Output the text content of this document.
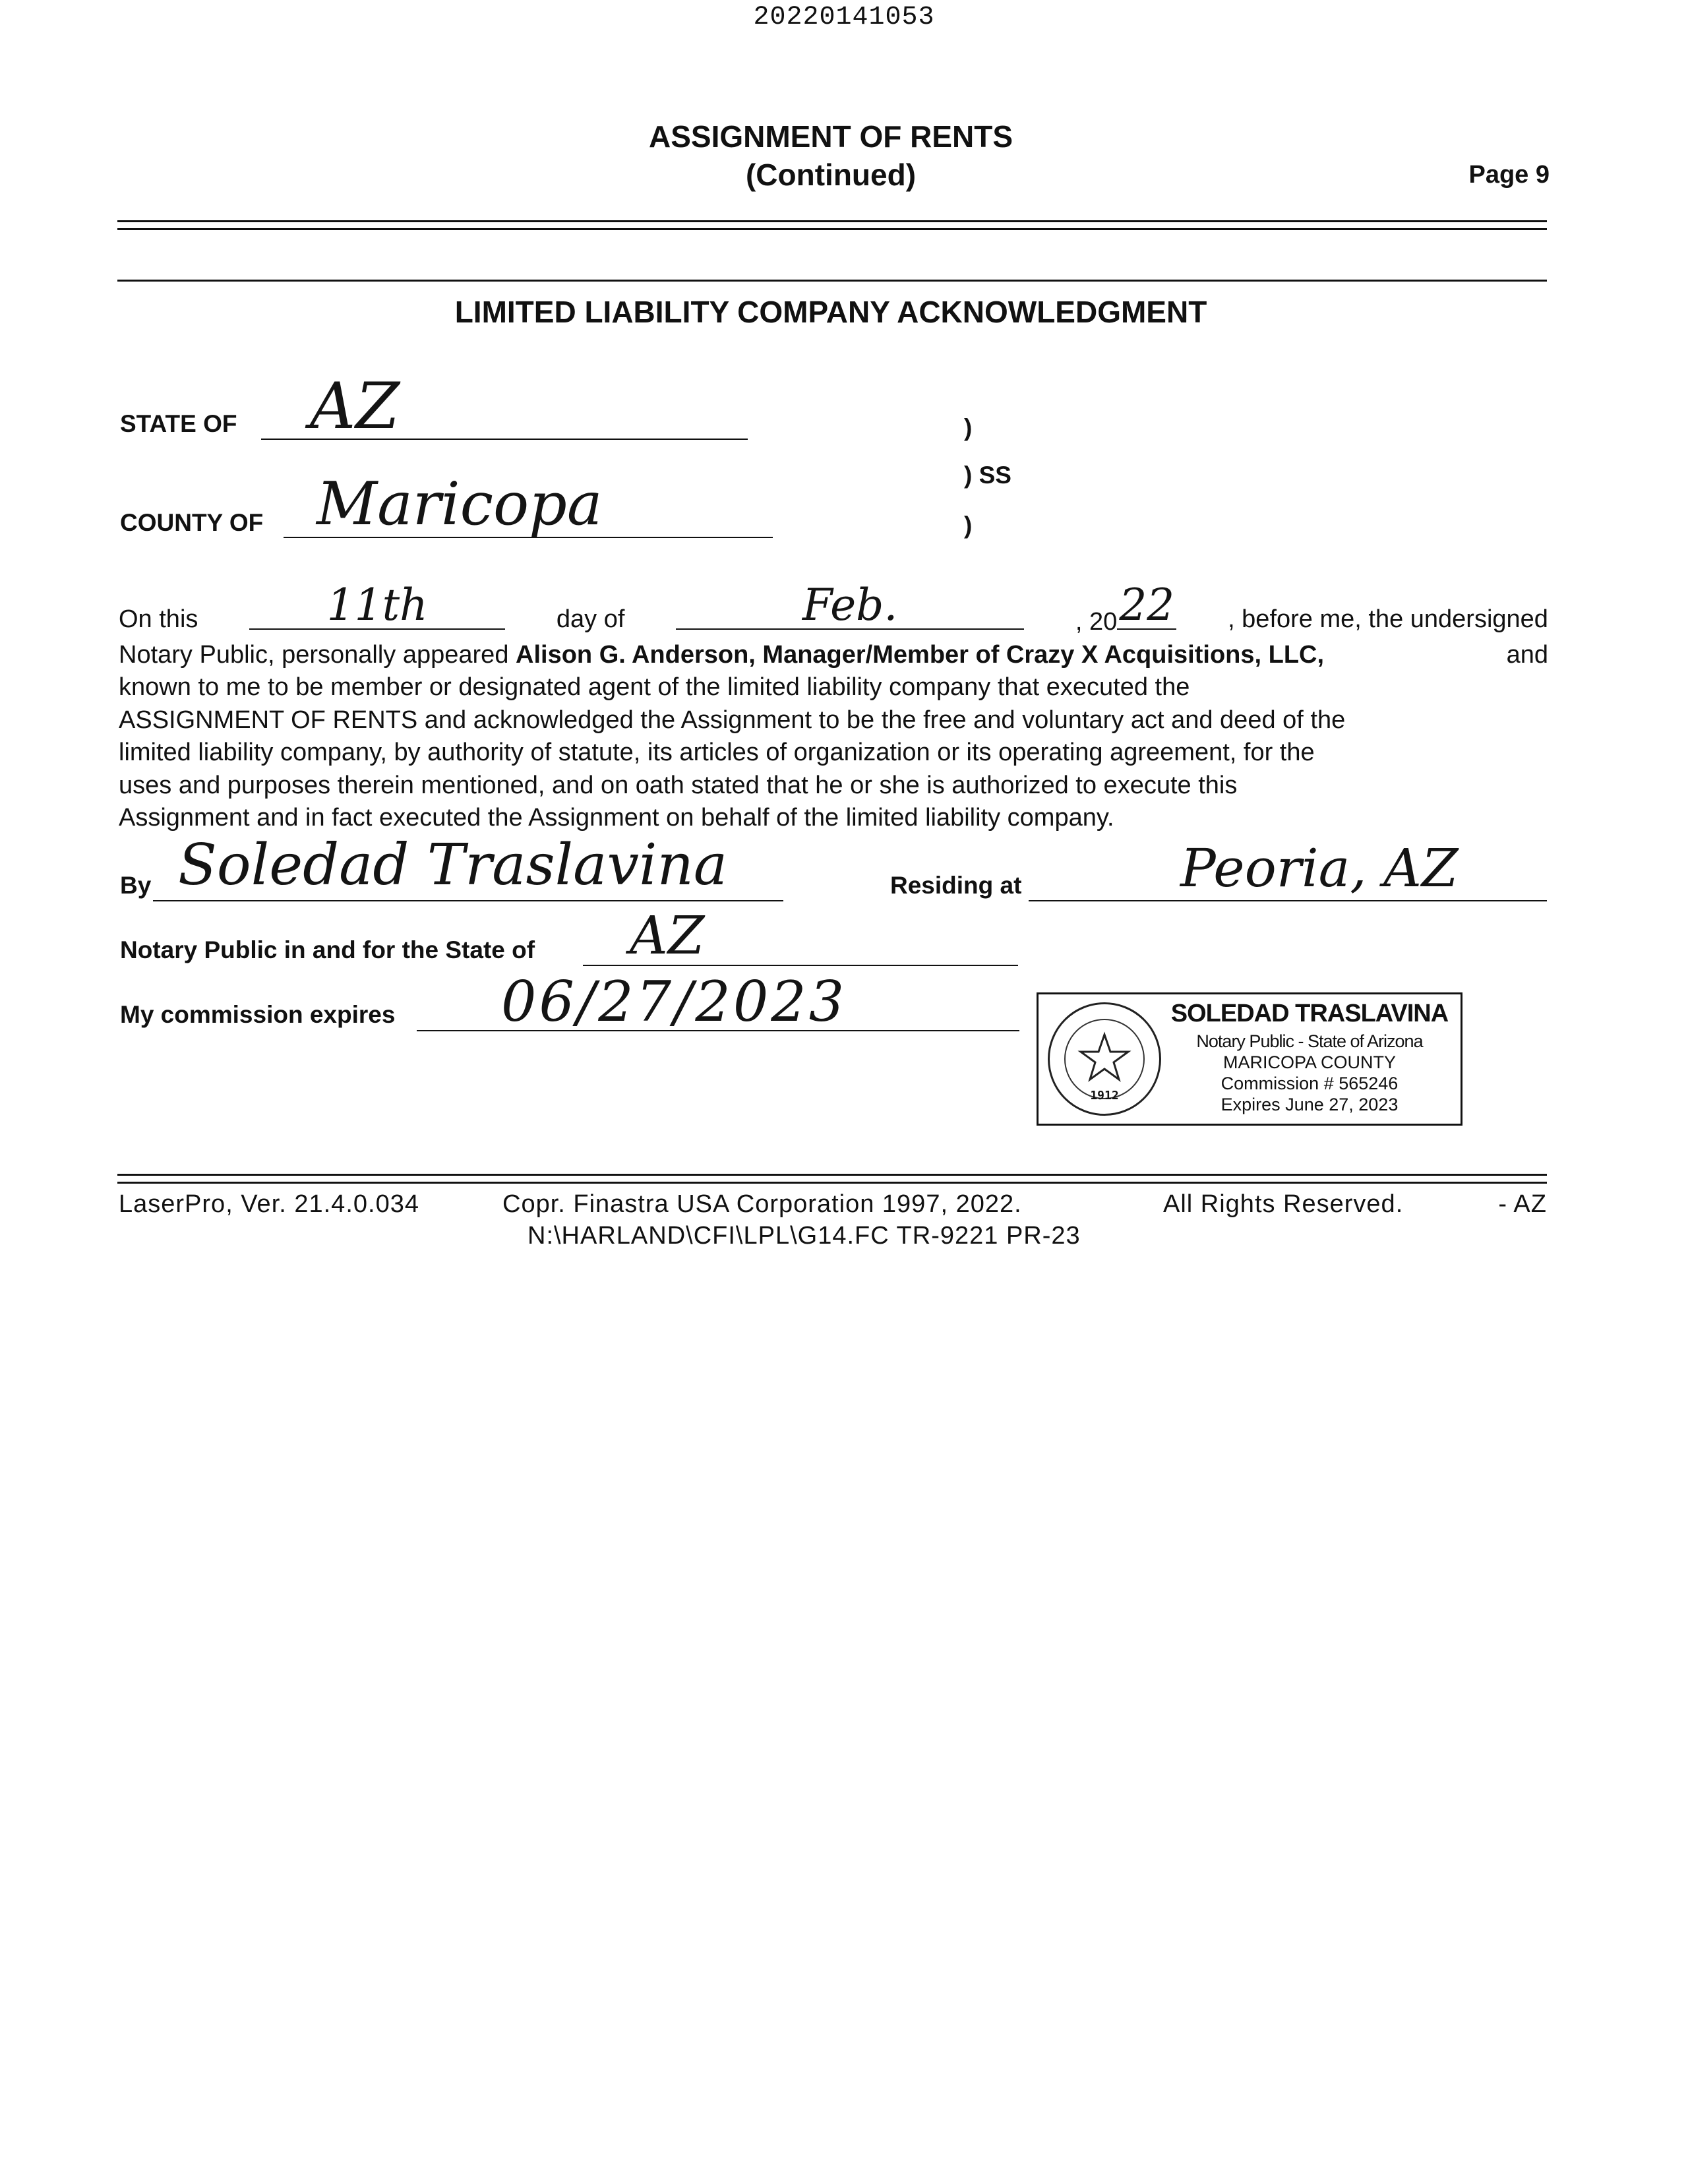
20220141053
ASSIGNMENT OF RENTS
(Continued)	Page 9
LIMITED LIABILITY COMPANY ACKNOWLEDGMENT
STATE OF AZ
COUNTY OF Maricopa
)
) SS
)
On this	11th	day of	Feb.	, 20 22 , before me, the undersigned
Notary Public, personally appeared Alison G. Anderson, Manager/Member of Crazy X Acquisitions, LLC,	and
known to me to be member or designated agent of the limited liability company that executed the
ASSIGNMENT OF RENTS and acknowledged the Assignment to be the free and voluntary act and deed of the
limited liability company, by authority of statute, its articles of organization or its operating agreement, for the
uses and purposes therein mentioned, and on oath stated that he or she is authorized to execute this
Assignment and in fact executed the Assignment on behalf of the limited liability company.
By Soledad Traslavina	Residing at	Peoria, AZ
Notary Public in and for the State of AZ
My commission expires 06/27/2023
1912
SOLEDAD TRASLAVINA
Notary Public - State of Arizona
MARICOPA COUNTY
Commission # 565246
Expires June 27, 2023
LaserPro, Ver. 21.4.0.034	Copr. Finastra USA Corporation 1997, 2022.	All Rights Reserved.	- AZ
N:\HARLAND\CFI\LPL\G14.FC TR-9221 PR-23
